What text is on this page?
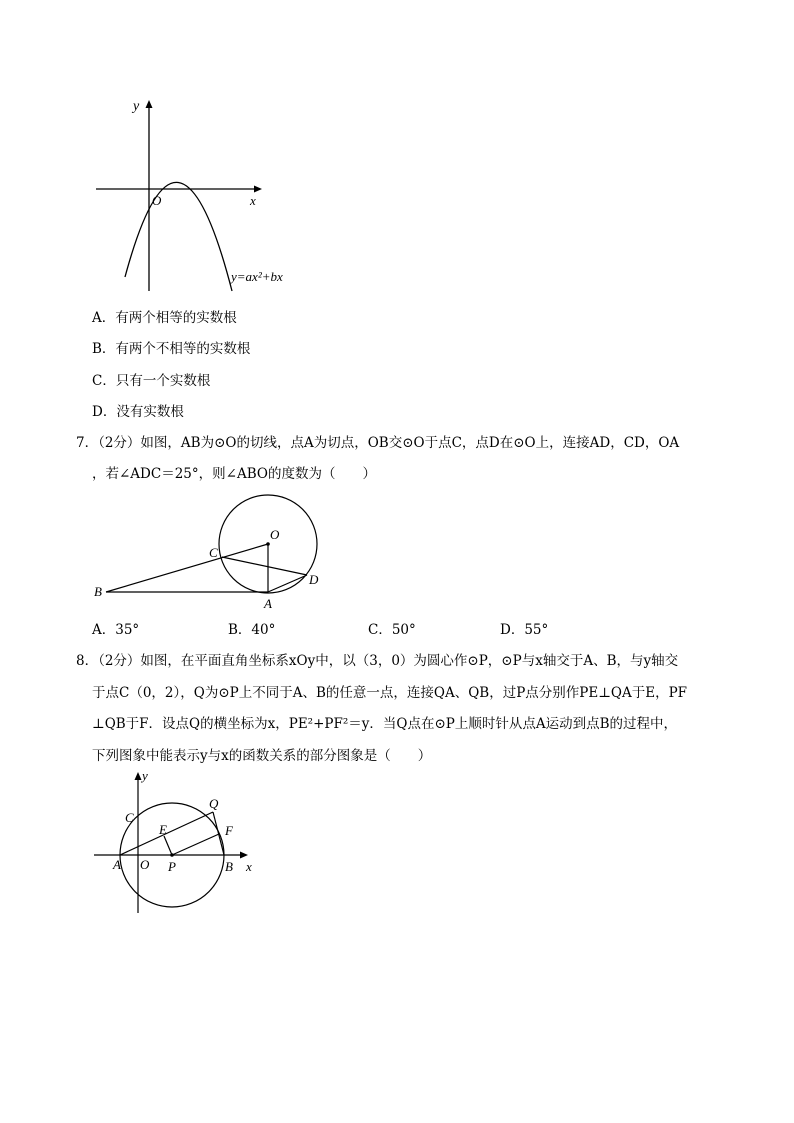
y
O	x
y=ax²+bx
A．有两个相等的实数根
B．有两个不相等的实数根
C．只有一个实数根
D．没有实数根
7．（2分）如图，AB为⊙O的切线，点A为切点，OB交⊙O于点C，点D在⊙O上，连接AD，CD，OA
，若∠ADC＝25°，则∠ABO的度数为（　　）
O
C
B
A
D
A．35°	B．40°	C．50°	D．55°
8．（2分）如图，在平面直角坐标系xOy中，以（3，0）为圆心作⊙P，⊙P与x轴交于A、B，与y轴交
于点C（0，2），Q为⊙P上不同于A、B的任意一点，连接QA、QB，过P点分别作PE⊥QA于E，PF
⊥QB于F．设点Q的横坐标为x，PE²+PF²＝y．当Q点在⊙P上顺时针从点A运动到点B的过程中，
下列图象中能表示y与x的函数关系的部分图象是（　　）
y
x
C
Q
E	F
A O P	B
